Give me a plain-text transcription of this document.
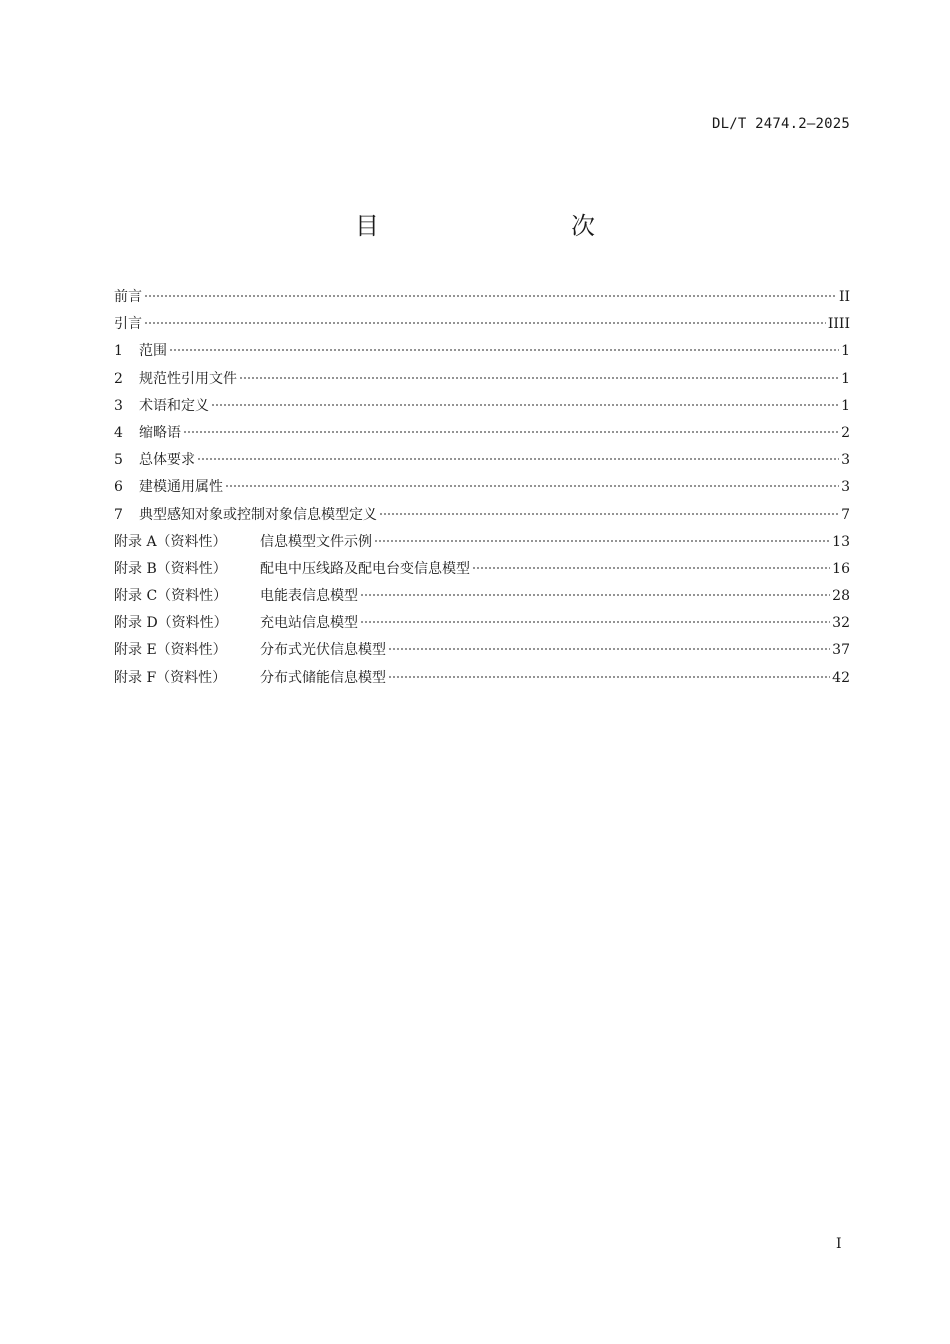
DL/T 2474.2—2025
目　　次
前言	II
引言	IIII
1	范围	1
2	规范性引用文件	1
3	术语和定义	1
4	缩略语	2
5	总体要求	3
6	建模通用属性	3
7	典型感知对象或控制对象信息模型定义	7
附录 A（资料性）	信息模型文件示例	13
附录 B（资料性）	配电中压线路及配电台变信息模型	16
附录 C（资料性）	电能表信息模型	28
附录 D（资料性）	充电站信息模型	32
附录 E（资料性）	分布式光伏信息模型	37
附录 F（资料性）	分布式储能信息模型	42
I
